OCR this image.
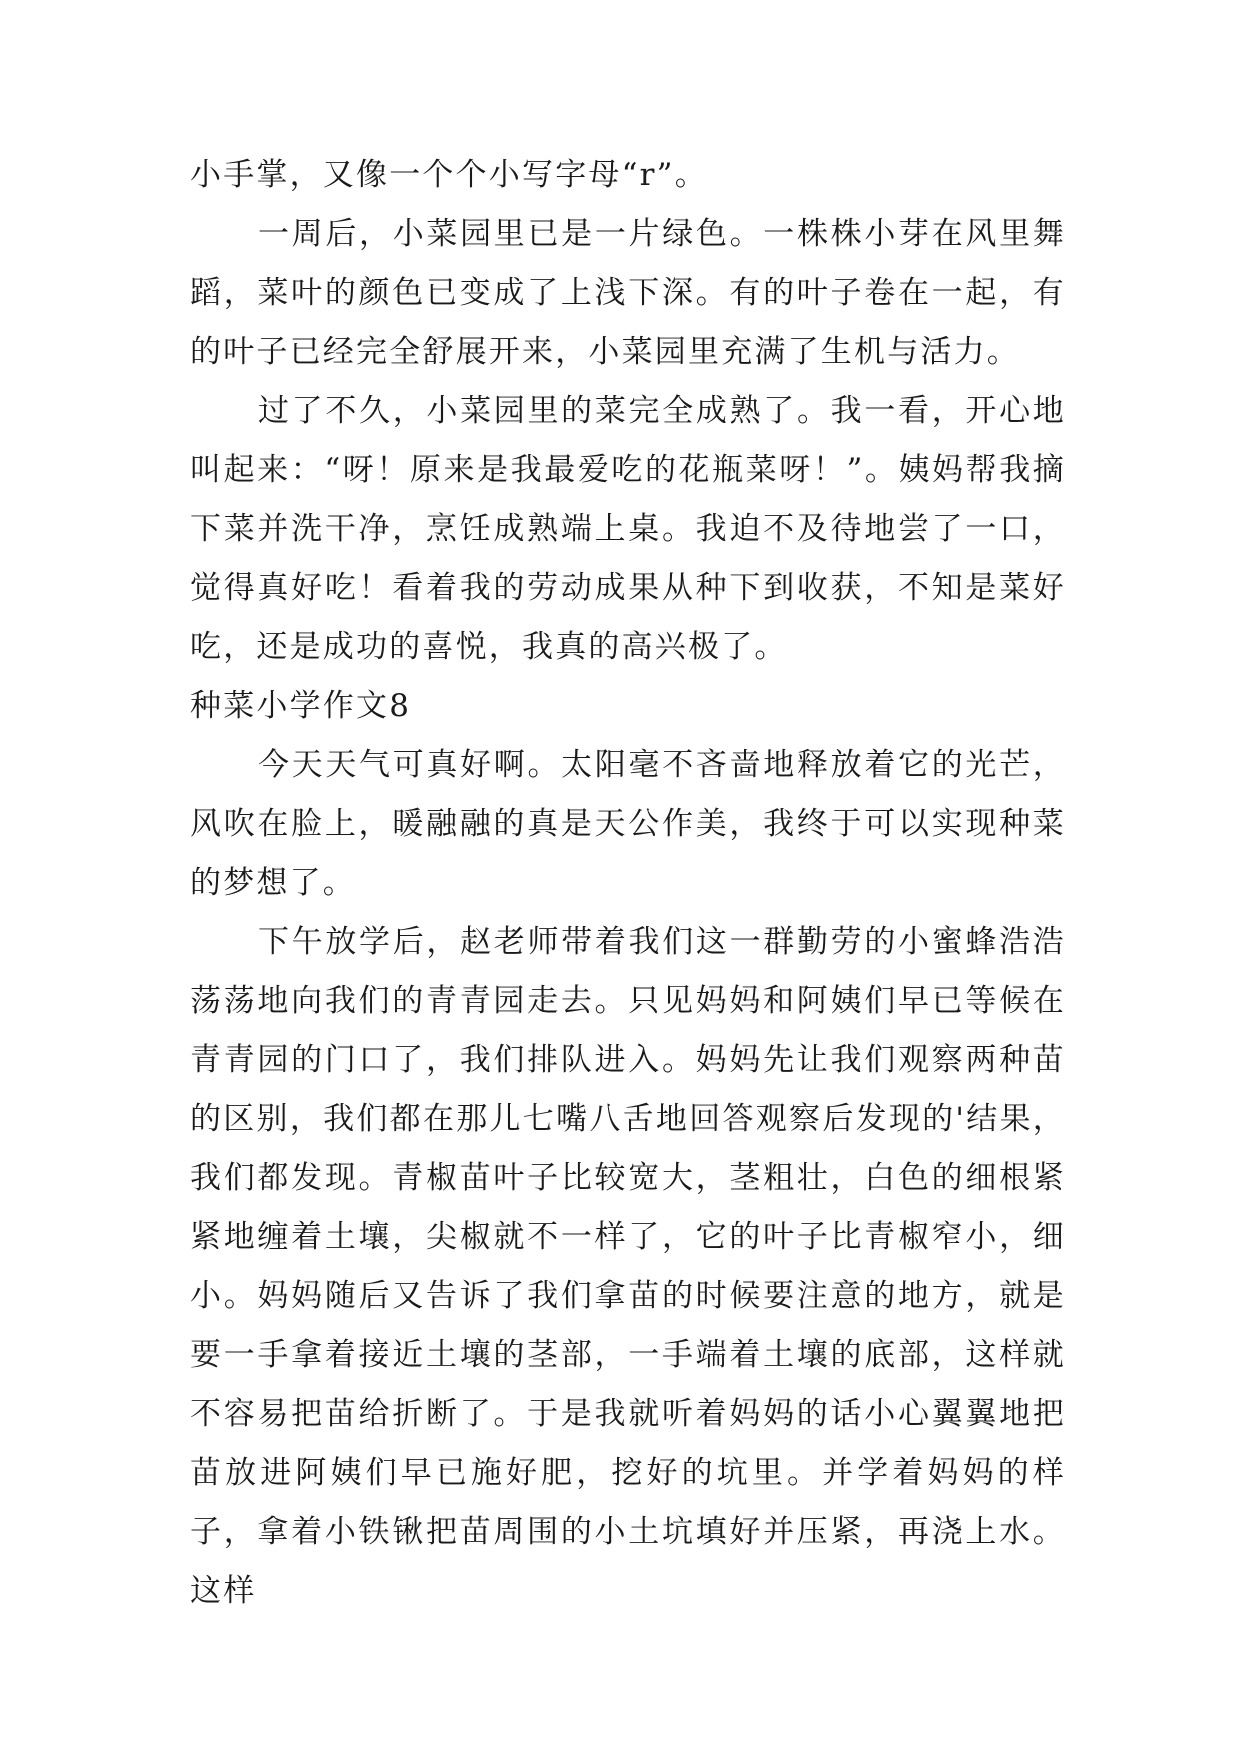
小手掌，又像一个个小写字母“r”。

一周后，小菜园里已是一片绿色。一株株小芽在风里舞蹈，菜叶的颜色已变成了上浅下深。有的叶子卷在一起，有的叶子已经完全舒展开来，小菜园里充满了生机与活力。

过了不久，小菜园里的菜完全成熟了。我一看，开心地叫起来：“呀！原来是我最爱吃的花瓶菜呀！”。姨妈帮我摘下菜并洗干净，烹饪成熟端上桌。我迫不及待地尝了一口，觉得真好吃！看着我的劳动成果从种下到收获，不知是菜好吃，还是成功的喜悦，我真的高兴极了。

种菜小学作文8

今天天气可真好啊。太阳毫不吝啬地释放着它的光芒，风吹在脸上，暖融融的真是天公作美，我终于可以实现种菜的梦想了。

下午放学后，赵老师带着我们这一群勤劳的小蜜蜂浩浩荡荡地向我们的青青园走去。只见妈妈和阿姨们早已等候在青青园的门口了，我们排队进入。妈妈先让我们观察两种苗的区别，我们都在那儿七嘴八舌地回答观察后发现的'结果，我们都发现。青椒苗叶子比较宽大，茎粗壮，白色的细根紧紧地缠着土壤，尖椒就不一样了，它的叶子比青椒窄小，细小。妈妈随后又告诉了我们拿苗的时候要注意的地方，就是要一手拿着接近土壤的茎部，一手端着土壤的底部，这样就不容易把苗给折断了。于是我就听着妈妈的话小心翼翼地把苗放进阿姨们早已施好肥，挖好的坑里。并学着妈妈的样子，拿着小铁锹把苗周围的小土坑填好并压紧，再浇上水。这样
